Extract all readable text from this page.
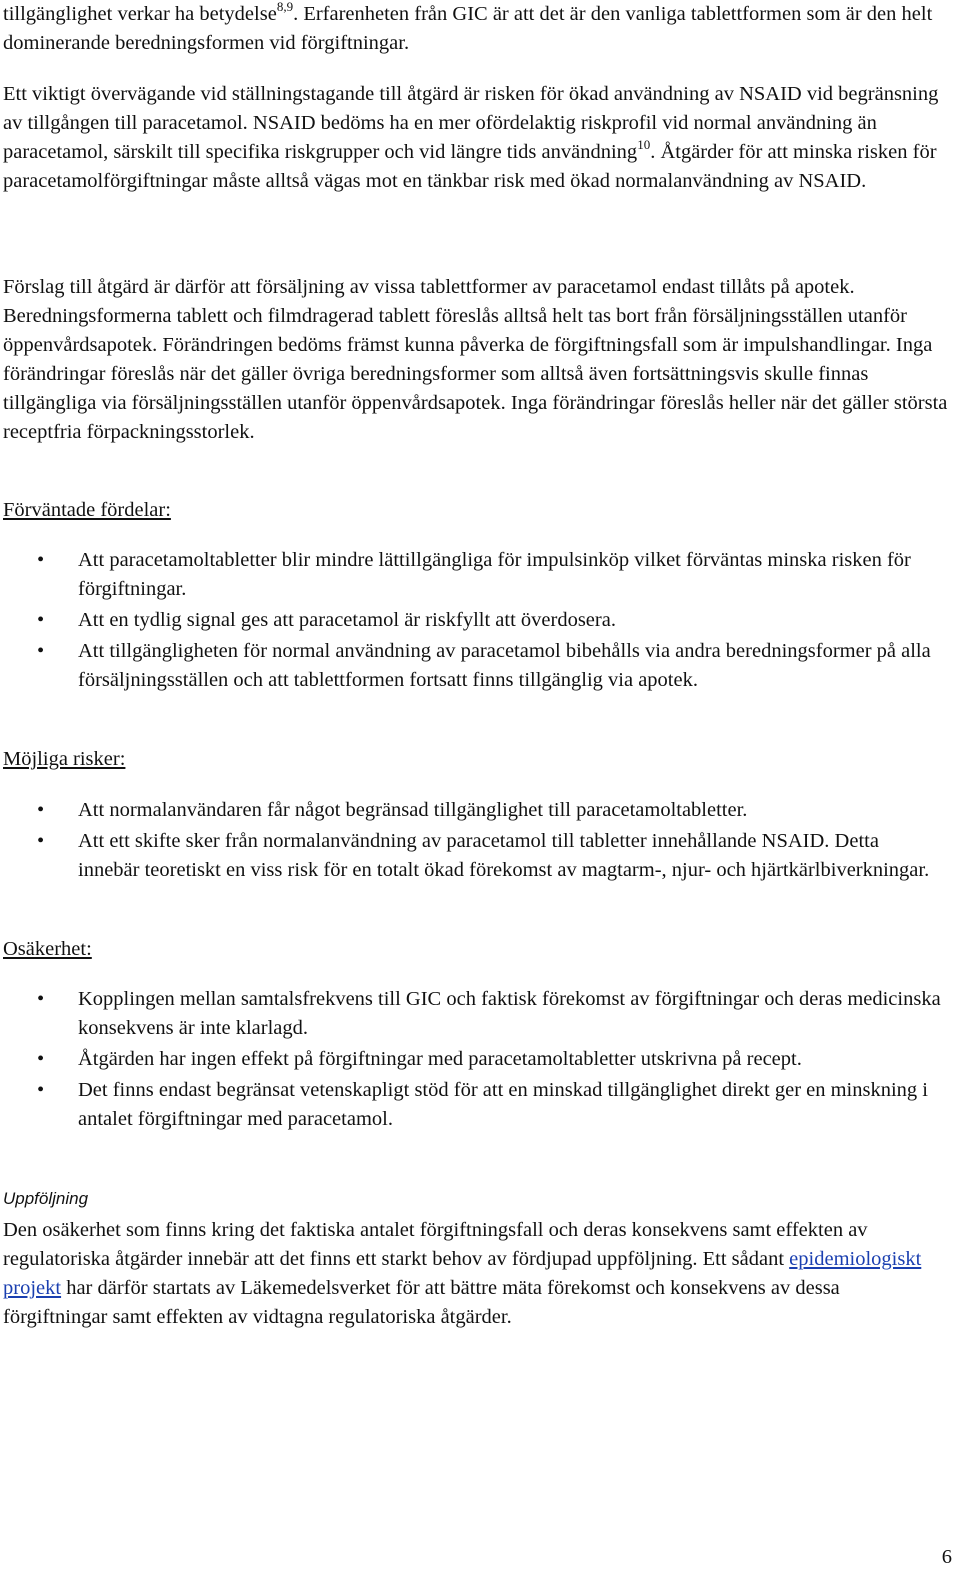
tillgänglighet verkar ha betydelse$^{8,9}$. Erfarenheten från GIC är att det är den vanliga tablettformen som är den helt dominerande beredningsformen vid förgiftningar.

Ett viktigt övervägande vid ställningstagande till åtgärd är risken för ökad användning av NSAID vid begränsning av tillgången till paracetamol. NSAID bedöms ha en mer ofördelaktig riskprofil vid normal användning än paracetamol, särskilt till specifika riskgrupper och vid längre tids användning$^{10}$. Åtgärder för att minska risken för paracetamolförgiftningar måste alltså vägas mot en tänkbar risk med ökad normalanvändning av NSAID.

Förslag till åtgärd är därför att försäljning av vissa tablettformer av paracetamol endast tillåts på apotek. Beredningsformerna tablett och filmdragerad tablett föreslås alltså helt tas bort från försäljningsställen utanför öppenvårdsapotek. Förändringen bedöms främst kunna påverka de förgiftningsfall som är impulshandlingar. Inga förändringar föreslås när det gäller övriga beredningsformer som alltså även fortsättningsvis skulle finnas tillgängliga via försäljningsställen utanför öppenvårdsapotek. Inga förändringar föreslås heller när det gäller största receptfria förpackningsstorlek.

Förväntade fördelar:

• Att paracetamoltabletter blir mindre lättillgängliga för impulsinköp vilket förväntas minska risken för förgiftningar.
• Att en tydlig signal ges att paracetamol är riskfyllt att överdosera.
• Att tillgängligheten för normal användning av paracetamol bibehålls via andra beredningsformer på alla försäljningsställen och att tablettformen fortsatt finns tillgänglig via apotek.

Möjliga risker:

• Att normalanvändaren får något begränsad tillgänglighet till paracetamoltabletter.
• Att ett skifte sker från normalanvändning av paracetamol till tabletter innehållande NSAID. Detta innebär teoretiskt en viss risk för en totalt ökad förekomst av magtarm-, njur- och hjärtkärlbiverkningar.

Osäkerhet:

• Kopplingen mellan samtalsfrekvens till GIC och faktisk förekomst av förgiftningar och deras medicinska konsekvens är inte klarlagd.
• Åtgärden har ingen effekt på förgiftningar med paracetamoltabletter utskrivna på recept.
• Det finns endast begränsat vetenskapligt stöd för att en minskad tillgänglighet direkt ger en minskning i antalet förgiftningar med paracetamol.

Uppföljning

Den osäkerhet som finns kring det faktiska antalet förgiftningsfall och deras konsekvens samt effekten av regulatoriska åtgärder innebär att det finns ett starkt behov av fördjupad uppföljning. Ett sådant epidemiologiskt projekt har därför startats av Läkemedelsverket för att bättre mäta förekomst och konsekvens av dessa förgiftningar samt effekten av vidtagna regulatoriska åtgärder.

6
